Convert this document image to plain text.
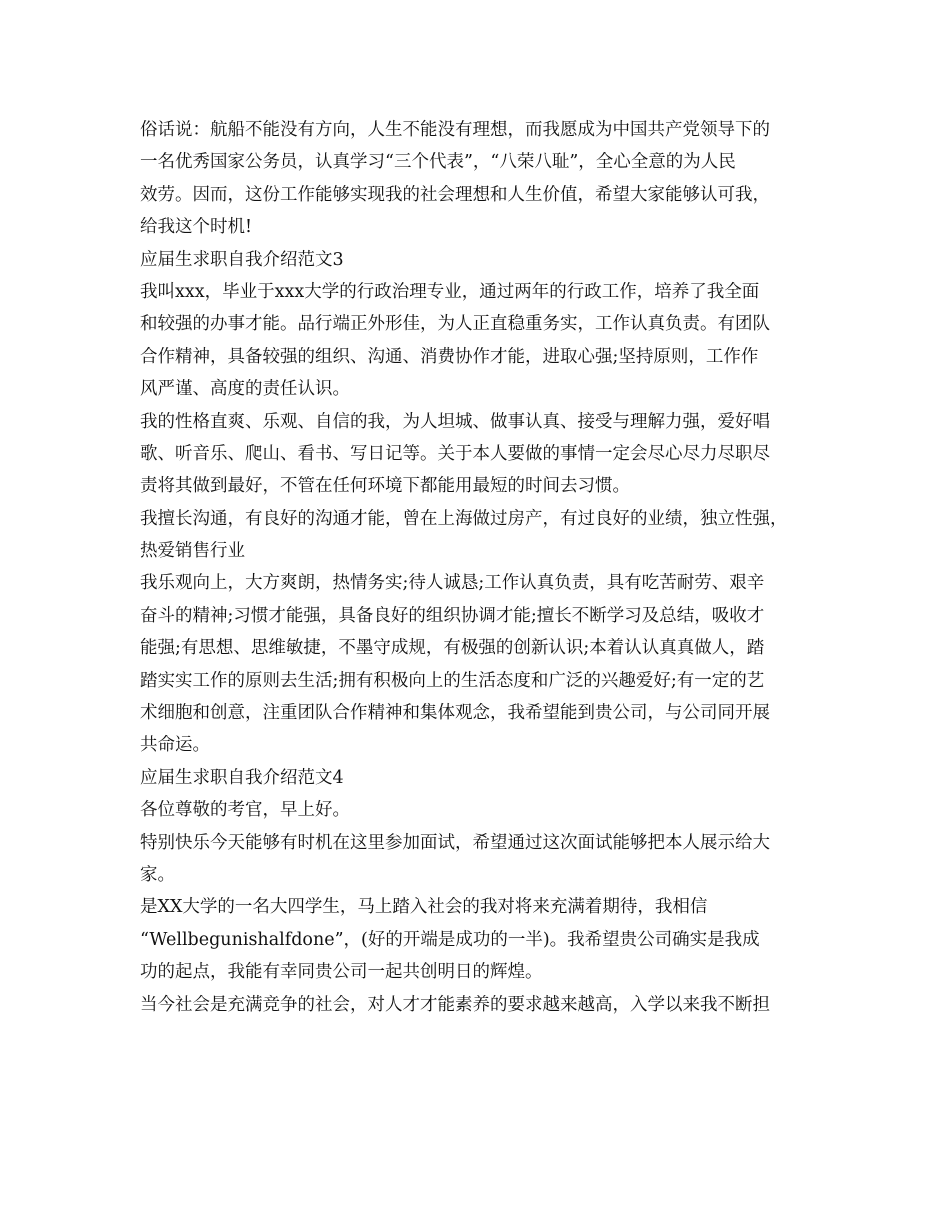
俗话说：航船不能没有方向，人生不能没有理想，而我愿成为中国共产党领导下的
一名优秀国家公务员，认真学习“三个代表”，“八荣八耻”，全心全意的为人民
效劳。因而，这份工作能够实现我的社会理想和人生价值，希望大家能够认可我，
给我这个时机!
应届生求职自我介绍范文3
我叫xxx，毕业于xxx大学的行政治理专业，通过两年的行政工作，培养了我全面
和较强的办事才能。品行端正外形佳，为人正直稳重务实，工作认真负责。有团队
合作精神，具备较强的组织、沟通、消费协作才能，进取心强;坚持原则，工作作
风严谨、高度的责任认识。
我的性格直爽、乐观、自信的我，为人坦城、做事认真、接受与理解力强，爱好唱
歌、听音乐、爬山、看书、写日记等。关于本人要做的事情一定会尽心尽力尽职尽
责将其做到最好，不管在任何环境下都能用最短的时间去习惯。
我擅长沟通，有良好的沟通才能，曾在上海做过房产，有过良好的业绩，独立性强，
热爱销售行业
我乐观向上，大方爽朗，热情务实;待人诚恳;工作认真负责，具有吃苦耐劳、艰辛
奋斗的精神;习惯才能强，具备良好的组织协调才能;擅长不断学习及总结，吸收才
能强;有思想、思维敏捷，不墨守成规，有极强的创新认识;本着认认真真做人，踏
踏实实工作的原则去生活;拥有积极向上的生活态度和广泛的兴趣爱好;有一定的艺
术细胞和创意，注重团队合作精神和集体观念，我希望能到贵公司，与公司同开展
共命运。
应届生求职自我介绍范文4
各位尊敬的考官，早上好。
特别快乐今天能够有时机在这里参加面试，希望通过这次面试能够把本人展示给大
家。
是XX大学的一名大四学生，马上踏入社会的我对将来充满着期待，我相信
“Wellbegunishalfdone”，(好的开端是成功的一半)。我希望贵公司确实是我成
功的起点，我能有幸同贵公司一起共创明日的辉煌。
当今社会是充满竞争的社会，对人才才能素养的要求越来越高，入学以来我不断担
